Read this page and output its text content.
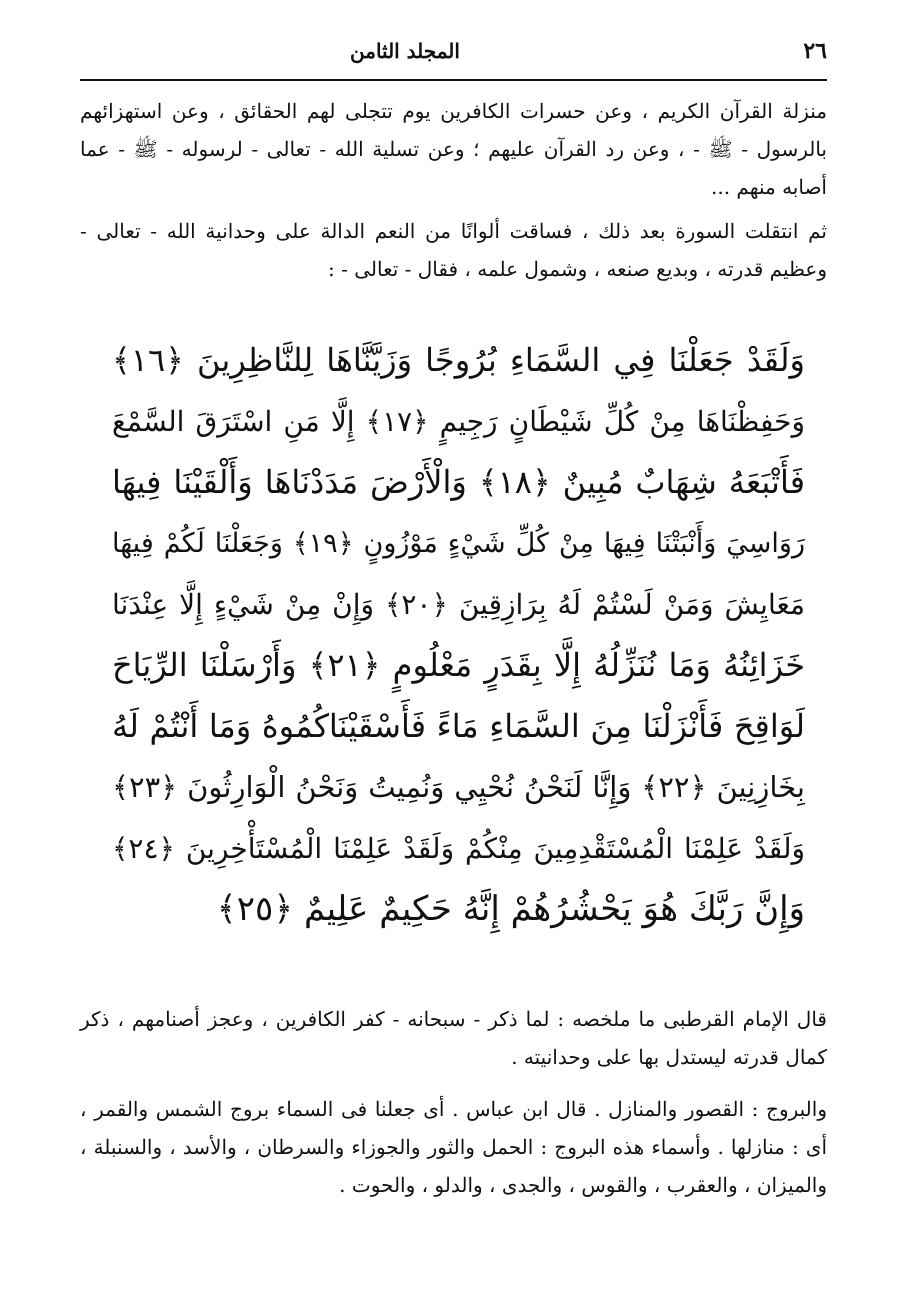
٢٦
المجلد الثامن

منزلة القرآن الكريم ، وعن حسرات الكافرين يوم تتجلى لهم الحقائق ، وعن استهزائهم بالرسول - ﷺ - ، وعن رد القرآن عليهم ؛ وعن تسلية الله - تعالى - لرسوله - ﷺ - عما أصابه منهم ...

ثم انتقلت السورة بعد ذلك ، فساقت ألوانًا من النعم الدالة على وحدانية الله - تعالى - وعظيم قدرته ، وبديع صنعه ، وشمول علمه ، فقال - تعالى - :

وَلَقَدْ جَعَلْنَا فِي السَّمَاءِ بُرُوجًا وَزَيَّنَّاهَا لِلنَّاظِرِينَ ﴿١٦﴾
وَحَفِظْنَاهَا مِنْ كُلِّ شَيْطَانٍ رَجِيمٍ ﴿١٧﴾ إِلَّا مَنِ اسْتَرَقَ السَّمْعَ
فَأَتْبَعَهُ شِهَابٌ مُبِينٌ ﴿١٨﴾ وَالْأَرْضَ مَدَدْنَاهَا وَأَلْقَيْنَا فِيهَا
رَوَاسِيَ وَأَنْبَتْنَا فِيهَا مِنْ كُلِّ شَيْءٍ مَوْزُونٍ ﴿١٩﴾ وَجَعَلْنَا لَكُمْ فِيهَا
مَعَايِشَ وَمَنْ لَسْتُمْ لَهُ بِرَازِقِينَ ﴿٢٠﴾ وَإِنْ مِنْ شَيْءٍ إِلَّا عِنْدَنَا
خَزَائِنُهُ وَمَا نُنَزِّلُهُ إِلَّا بِقَدَرٍ مَعْلُومٍ ﴿٢١﴾ وَأَرْسَلْنَا الرِّيَاحَ
لَوَاقِحَ فَأَنْزَلْنَا مِنَ السَّمَاءِ مَاءً فَأَسْقَيْنَاكُمُوهُ وَمَا أَنْتُمْ لَهُ
بِخَازِنِينَ ﴿٢٢﴾ وَإِنَّا لَنَحْنُ نُحْيِي وَنُمِيتُ وَنَحْنُ الْوَارِثُونَ ﴿٢٣﴾
وَلَقَدْ عَلِمْنَا الْمُسْتَقْدِمِينَ مِنْكُمْ وَلَقَدْ عَلِمْنَا الْمُسْتَأْخِرِينَ ﴿٢٤﴾
وَإِنَّ رَبَّكَ هُوَ يَحْشُرُهُمْ إِنَّهُ حَكِيمٌ عَلِيمٌ ﴿٢٥﴾

قال الإمام القرطبى ما ملخصه : لما ذكر - سبحانه - كفر الكافرين ، وعجز أصنامهم ، ذكر كمال قدرته ليستدل بها على وحدانيته .

والبروج : القصور والمنازل . قال ابن عباس . أى جعلنا فى السماء بروج الشمس والقمر ، أى : منازلها . وأسماء هذه البروج : الحمل والثور والجوزاء والسرطان ، والأسد ، والسنبلة ، والميزان ، والعقرب ، والقوس ، والجدى ، والدلو ، والحوت .
